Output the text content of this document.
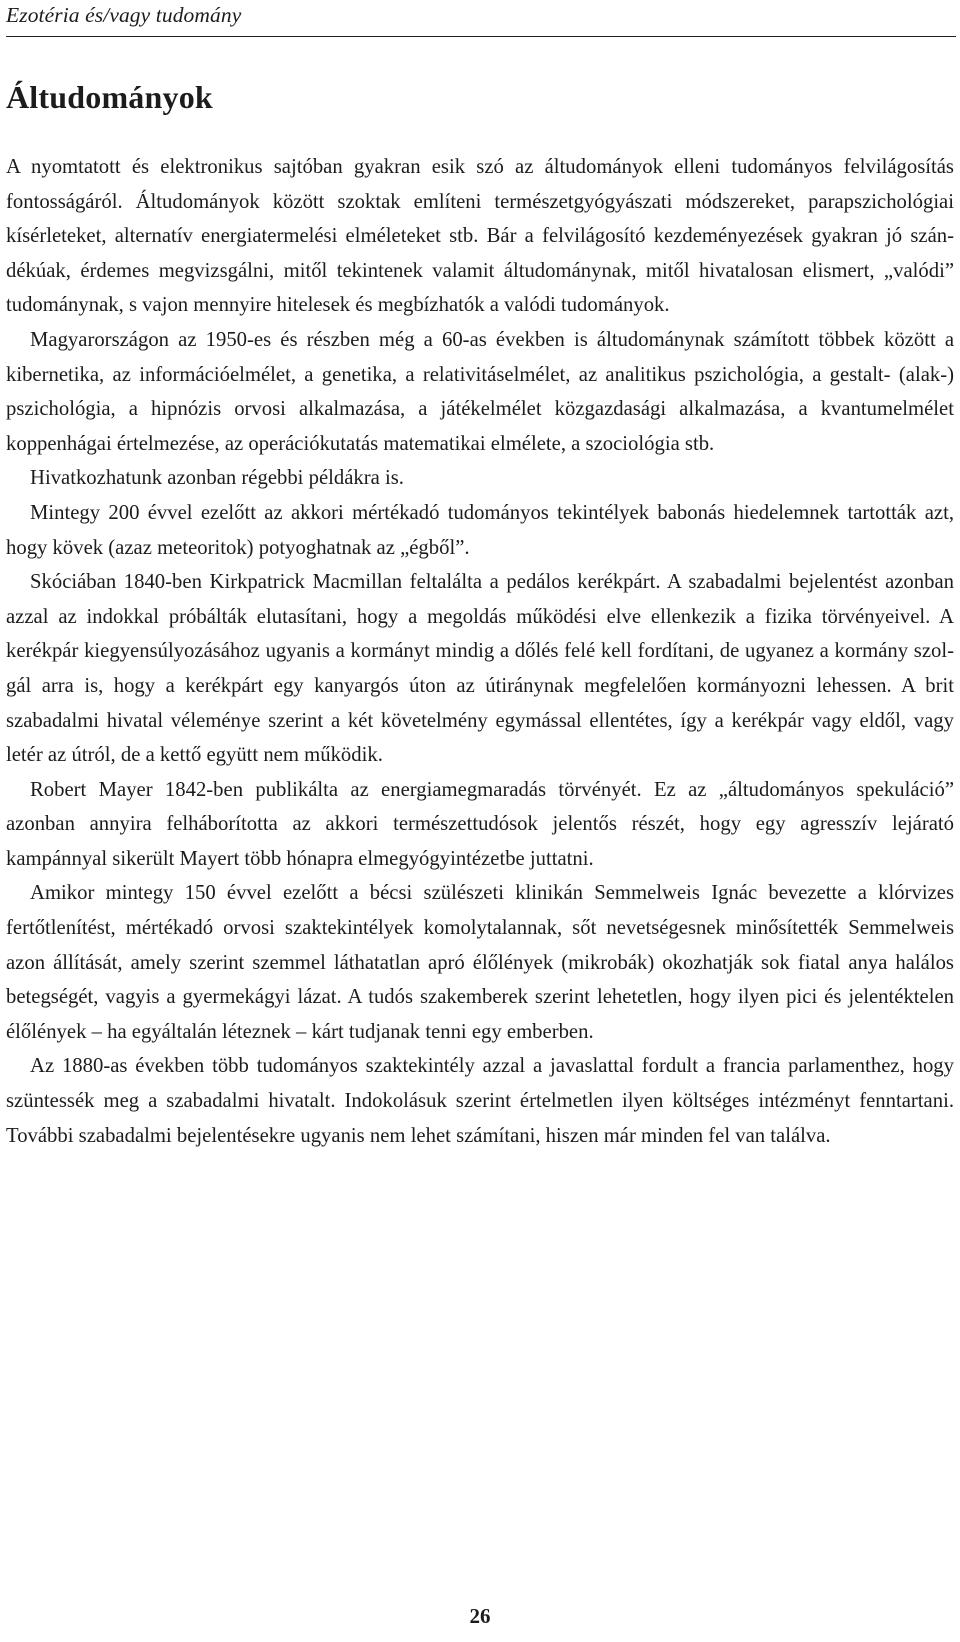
Ezotéria és/vagy tudomány
Áltudományok

A nyomtatott és elektronikus sajtóban gyakran esik szó az áltudományok elleni tudományos felvilágosítás fontosságáról. Áltudományok között szoktak említeni természetgyógyászati módszereket, parapszichológiai kísérleteket, alternatív energiatermelési elméleteket stb. Bár a felvilágosító kezdeményezések gyakran jó szándékúak, érdemes megvizsgálni, mitől tekintenek valamit áltudománynak, mitől hivatalosan elismert, „valódi” tudománynak, s vajon mennyire hitelesek és megbízhatók a valódi tudományok.

Magyarországon az 1950-es és részben még a 60-as években is áltudománynak számított többek között a kibernetika, az információelmélet, a genetika, a relativitáselmélet, az analitikus pszichológia, a gestalt- (alak-) pszichológia, a hipnózis orvosi alkalmazása, a játékelmélet közgazdasági alkalmazása, a kvantumelmélet koppenhágai értelmezése, az operációkutatás matematikai elmélete, a szociológia stb.

Hivatkozhatunk azonban régebbi példákra is.

Mintegy 200 évvel ezelőtt az akkori mértékadó tudományos tekintélyek babonás hiedelemnek tartották azt, hogy kövek (azaz meteoritok) potyoghatnak az „égből”.

Skóciában 1840-ben Kirkpatrick Macmillan feltalálta a pedálos kerékpárt. A szabadalmi bejelentést azonban azzal az indokkal próbálták elutasítani, hogy a megoldás működési elve ellenkezik a fizika törvényeivel. A kerékpár kiegyensúlyozásához ugyanis a kormányt mindig a dőlés felé kell fordítani, de ugyanez a kormány szolgál arra is, hogy a kerékpárt egy kanyargós úton az útiránynak megfelelően kormányozni lehessen. A brit szabadalmi hivatal véleménye szerint a két követelmény egymással ellentétes, így a kerékpár vagy eldől, vagy letér az útról, de a kettő együtt nem működik.

Robert Mayer 1842-ben publikálta az energiamegmaradás törvényét. Ez az „áltudományos spekuláció” azonban annyira felháborította az akkori természettudósok jelentős részét, hogy egy agresszív lejárató kampánnyal sikerült Mayert több hónapra elmegyógyintézetbe juttatni.

Amikor mintegy 150 évvel ezelőtt a bécsi szülészeti klinikán Semmelweis Ignác bevezette a klórvizes fertőtlenítést, mértékadó orvosi szaktekintélyek komolytalannak, sőt nevetségesnek minősítették Semmelweis azon állítását, amely szerint szemmel láthatatlan apró élőlények (mikrobák) okozhatják sok fiatal anya halálos betegségét, vagyis a gyermekágyi lázat. A tudós szakemberek szerint lehetetlen, hogy ilyen pici és jelentéktelen élőlények – ha egyáltalán léteznek – kárt tudjanak tenni egy emberben.

Az 1880-as években több tudományos szaktekintély azzal a javaslattal fordult a francia parlamenthez, hogy szüntessék meg a szabadalmi hivatalt. Indokolásuk szerint értelmetlen ilyen költséges intézményt fenntartani. További szabadalmi bejelentésekre ugyanis nem lehet számítani, hiszen már minden fel van találva.

26
